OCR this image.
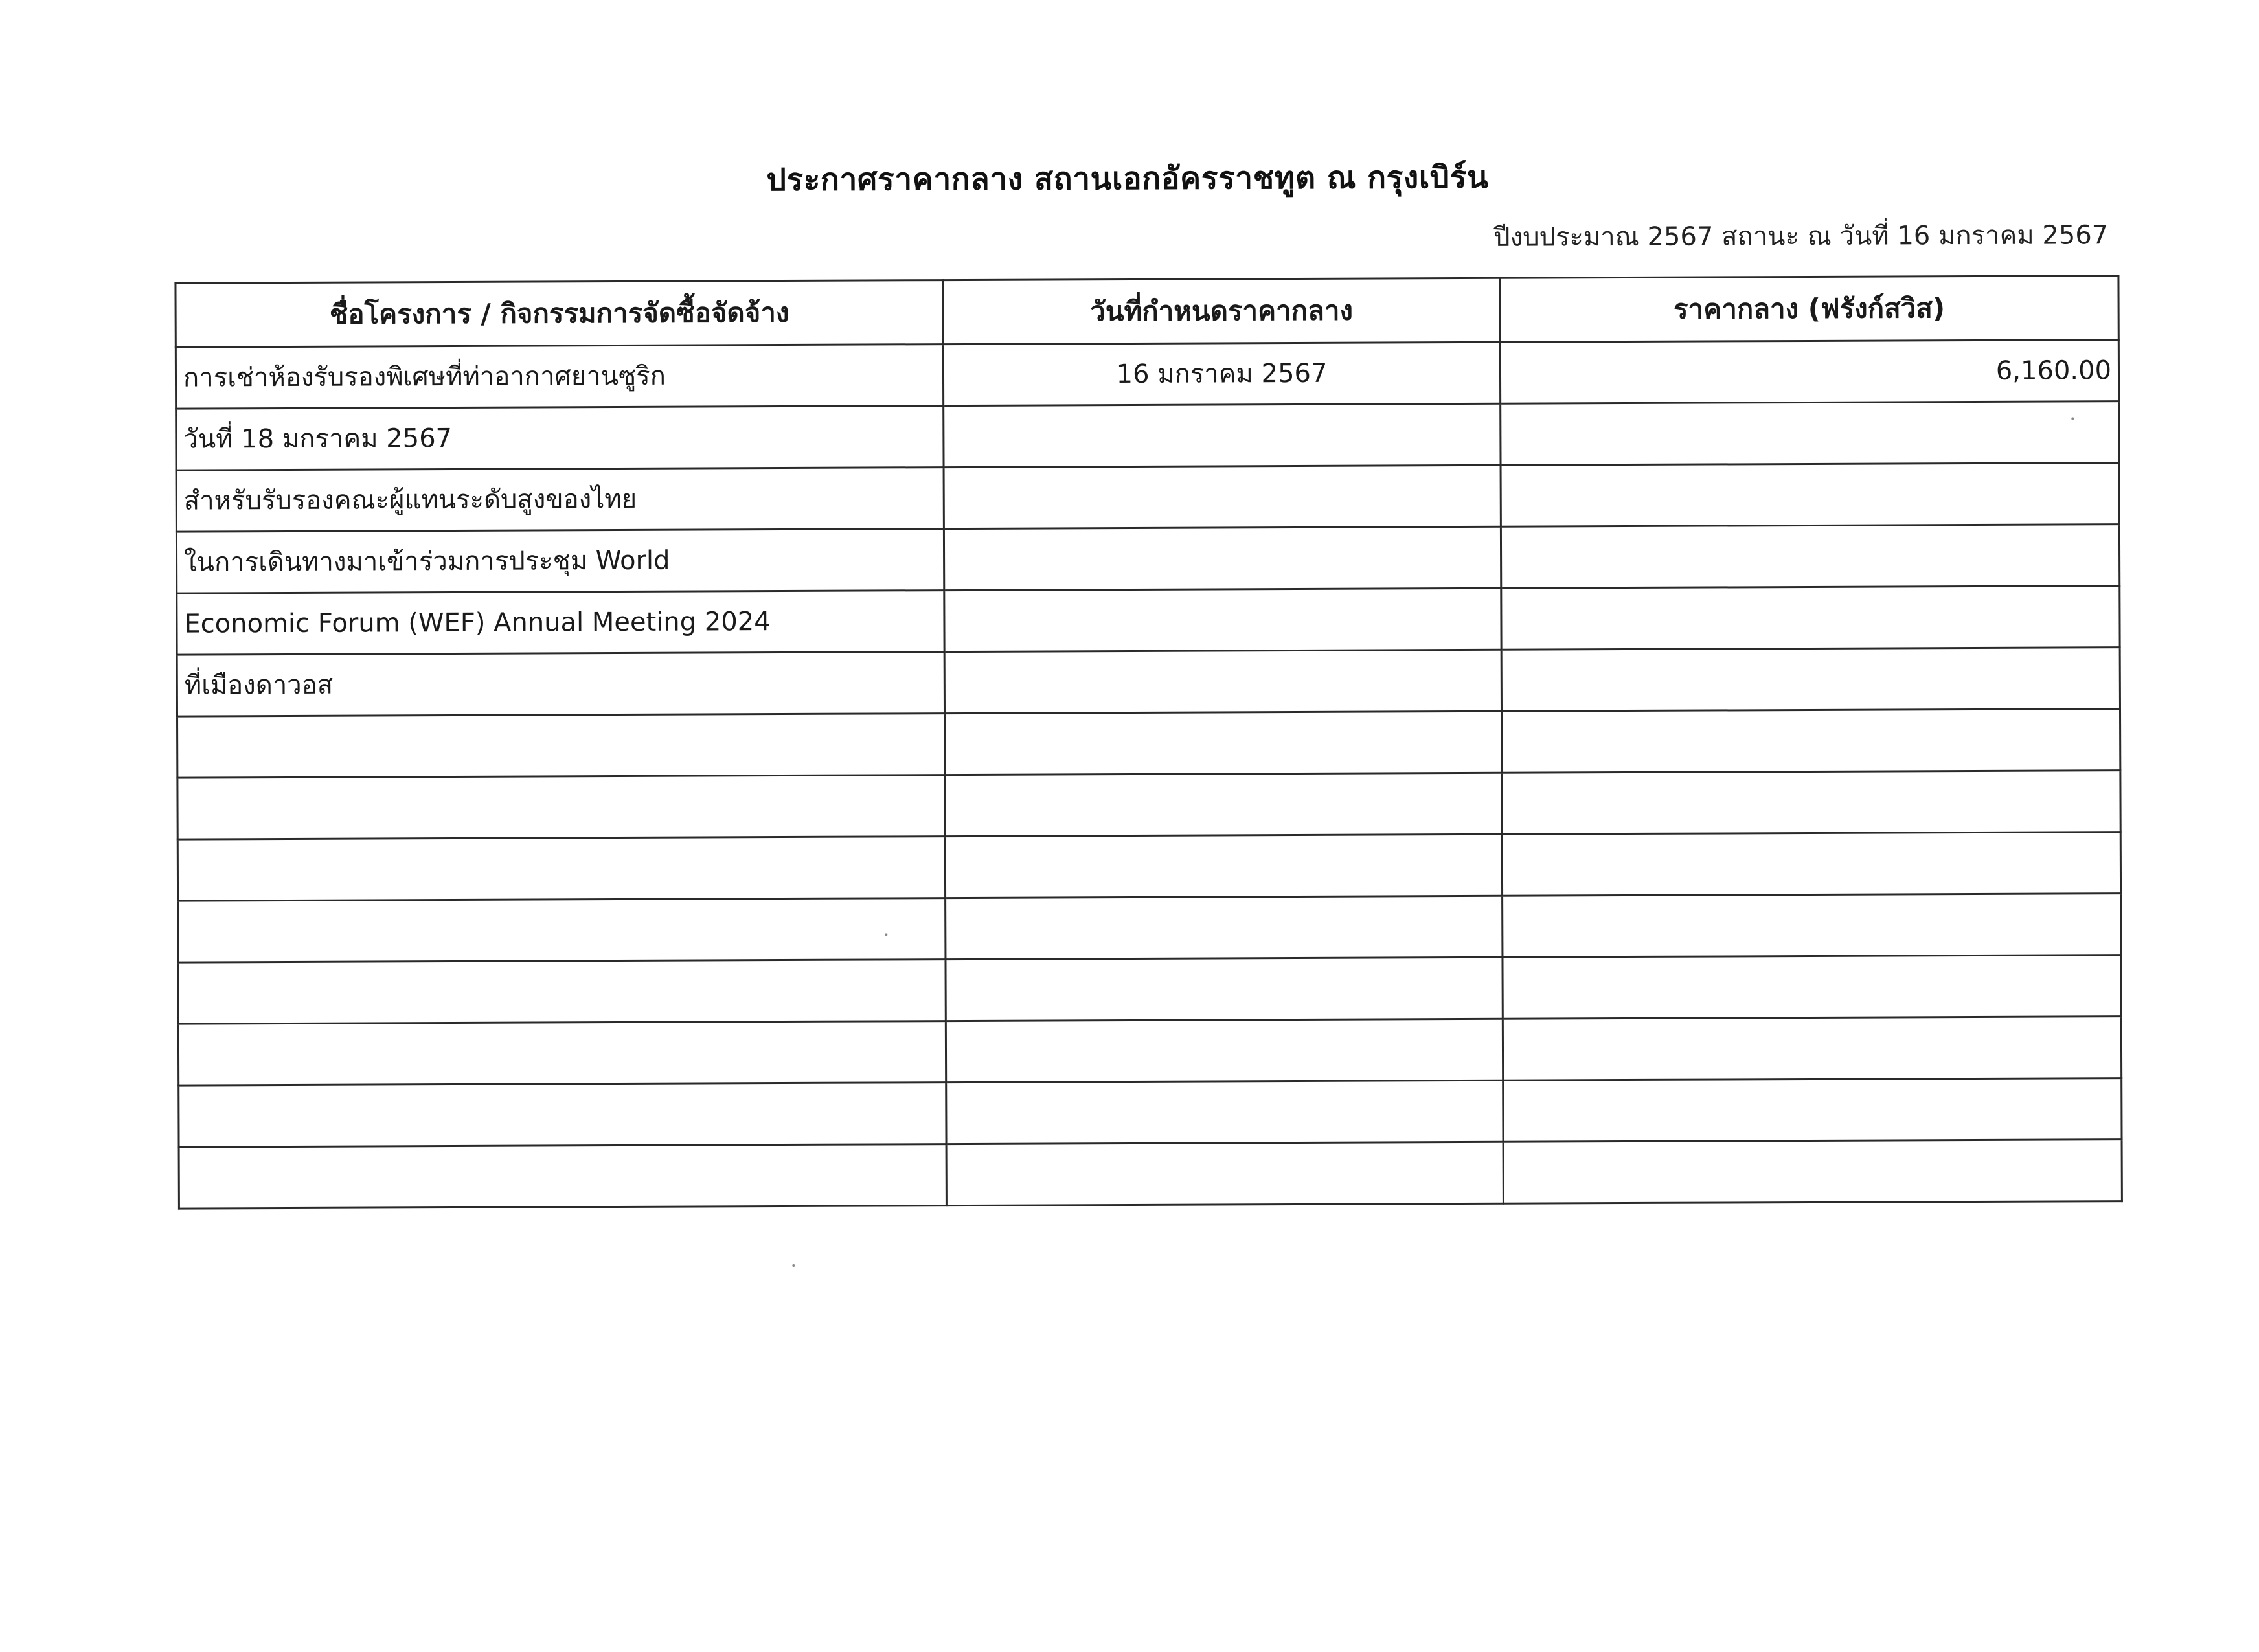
ประกาศราคากลาง สถานเอกอัครราชทูต ณ กรุงเบิร์น
ปีงบประมาณ 2567 สถานะ ณ วันที่ 16 มกราคม 2567
ชื่อโครงการ / กิจกรรมการจัดซื้อจัดจ้าง	วันที่กำหนดราคากลาง	ราคากลาง (ฟรังก์สวิส)
การเช่าห้องรับรองพิเศษที่ท่าอากาศยานซูริก	16 มกราคม 2567	6,160.00
วันที่ 18 มกราคม 2567		
สำหรับรับรองคณะผู้แทนระดับสูงของไทย		
ในการเดินทางมาเข้าร่วมการประชุม World		
Economic Forum (WEF) Annual Meeting 2024		
ที่เมืองดาวอส		
